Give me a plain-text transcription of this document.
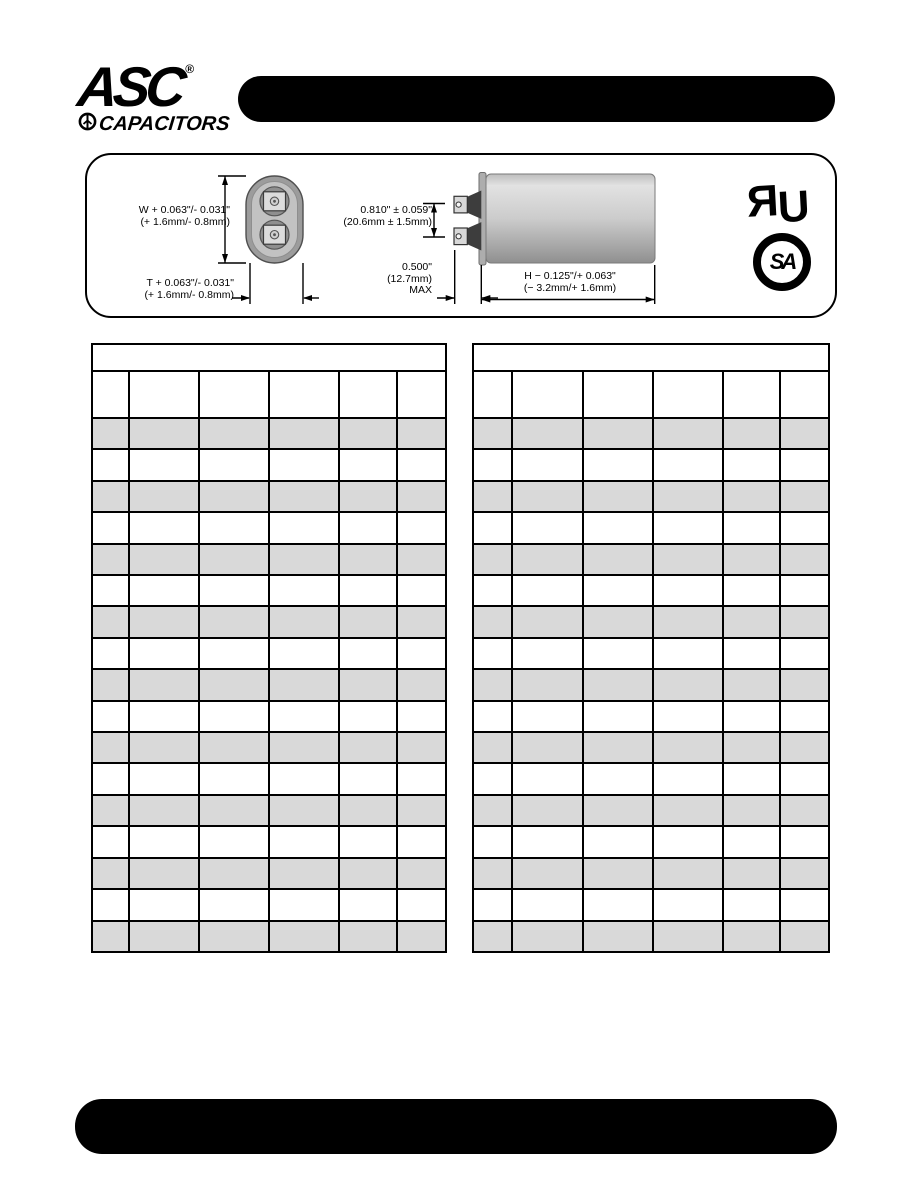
ASC®
CAPACITORS
W + 0.063"/- 0.031"
(+ 1.6mm/- 0.8mm)
T + 0.063"/- 0.031"
(+ 1.6mm/- 0.8mm)
0.810" ± 0.059"
(20.6mm ± 1.5mm)
0.500"
(12.7mm)
MAX
H − 0.125"/+ 0.063"
(− 3.2mm/+ 1.6mm)
RU
SA
